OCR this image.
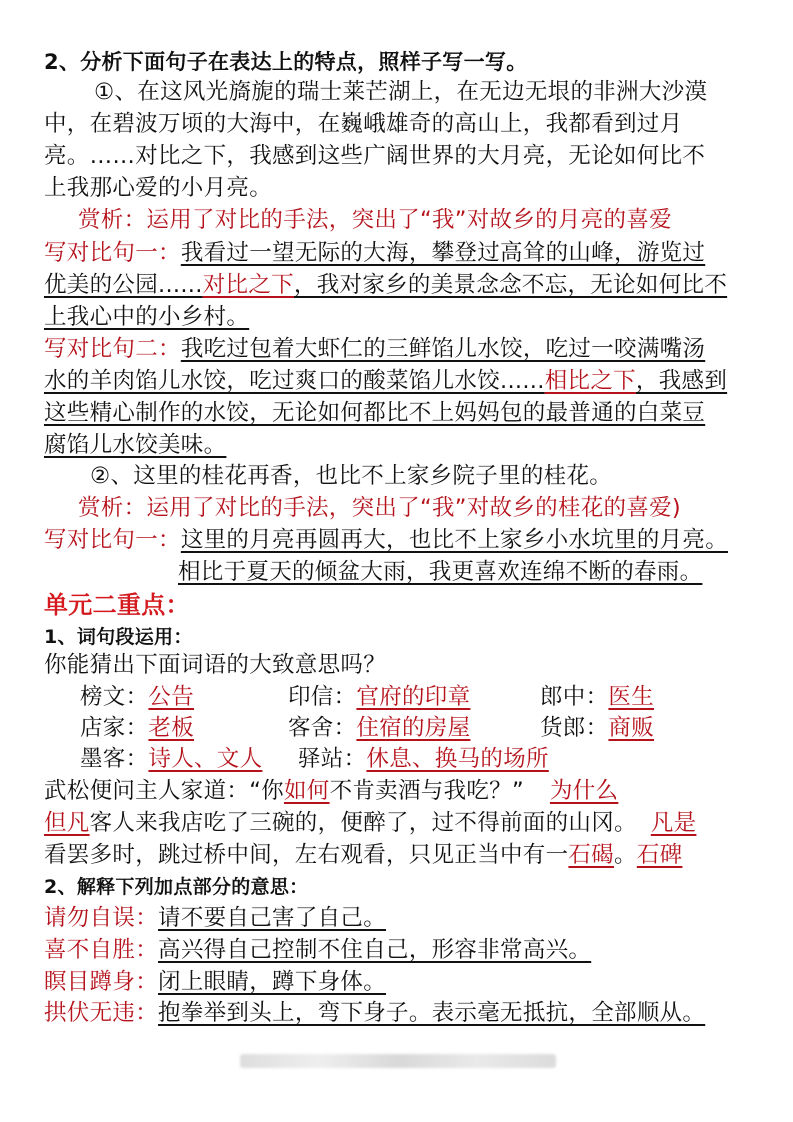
2、分析下面句子在表达上的特点，照样子写一写。
①、在这风光旖旎的瑞士莱芒湖上，在无边无垠的非洲大沙漠
中，在碧波万顷的大海中，在巍峨雄奇的高山上，我都看到过月
亮。……对比之下，我感到这些广阔世界的大月亮，无论如何比不
上我那心爱的小月亮。
赏析：运用了对比的手法，突出了“我”对故乡的月亮的喜爱
写对比句一：我看过一望无际的大海，攀登过高耸的山峰，游览过
优美的公园......对比之下，我对家乡的美景念念不忘，无论如何比不
上我心中的小乡村。
写对比句二：我吃过包着大虾仁的三鲜馅儿水饺，吃过一咬满嘴汤
水的羊肉馅儿水饺，吃过爽口的酸菜馅儿水饺......相比之下，我感到
这些精心制作的水饺，无论如何都比不上妈妈包的最普通的白菜豆
腐馅儿水饺美味。
②、这里的桂花再香，也比不上家乡院子里的桂花。
赏析：运用了对比的手法，突出了“我”对故乡的桂花的喜爱)
写对比句一：这里的月亮再圆再大，也比不上家乡小水坑里的月亮。
相比于夏天的倾盆大雨，我更喜欢连绵不断的春雨。
单元二重点：
1、词句段运用：
你能猜出下面词语的大致意思吗？
榜文：公告	印信：官府的印章	郎中：医生
店家：老板	客舍：住宿的房屋	货郎：商贩
墨客：诗人、文人 驿站：休息、换马的场所
武松便问主人家道：“你如何不肯卖酒与我吃？” 为什么
但凡客人来我店吃了三碗的，便醉了，过不得前面的山冈。 凡是
看罢多时，跳过桥中间，左右观看，只见正当中有一石碣。石碑
2、解释下列加点部分的意思：
请勿自误：请不要自己害了自己。
喜不自胜：高兴得自己控制不住自己，形容非常高兴。
瞑目蹲身：闭上眼睛，蹲下身体。
拱伏无违：抱拳举到头上，弯下身子。表示毫无抵抗，全部顺从。
